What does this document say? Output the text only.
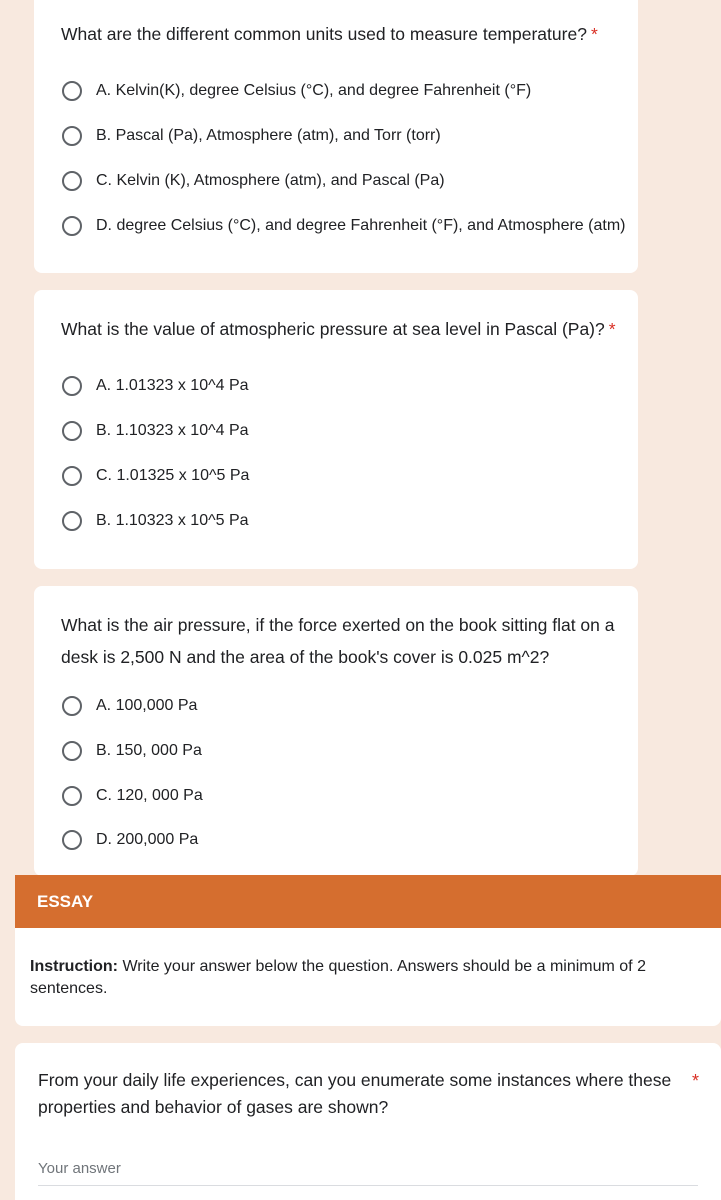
What are the different common units used to measure temperature? *
A. Kelvin(K), degree Celsius (°C), and degree Fahrenheit (°F)
B. Pascal (Pa), Atmosphere (atm), and Torr (torr)
C. Kelvin (K), Atmosphere (atm), and Pascal (Pa)
D. degree Celsius (°C), and degree Fahrenheit (°F), and Atmosphere (atm)
What is the value of atmospheric pressure at sea level in Pascal (Pa)? *
A. 1.01323 x 10^4 Pa
B. 1.10323 x 10^4 Pa
C. 1.01325 x 10^5 Pa
B. 1.10323 x 10^5 Pa
What is the air pressure, if the force exerted on the book sitting flat on a
desk is 2,500 N and the area of the book's cover is 0.025 m^2?
A. 100,000 Pa
B. 150, 000 Pa
C. 120, 000 Pa
D. 200,000 Pa
ESSAY
Instruction: Write your answer below the question. Answers should be a minimum of 2 sentences.
From your daily life experiences, can you enumerate some instances where these
properties and behavior of gases are shown?
*
Your answer
